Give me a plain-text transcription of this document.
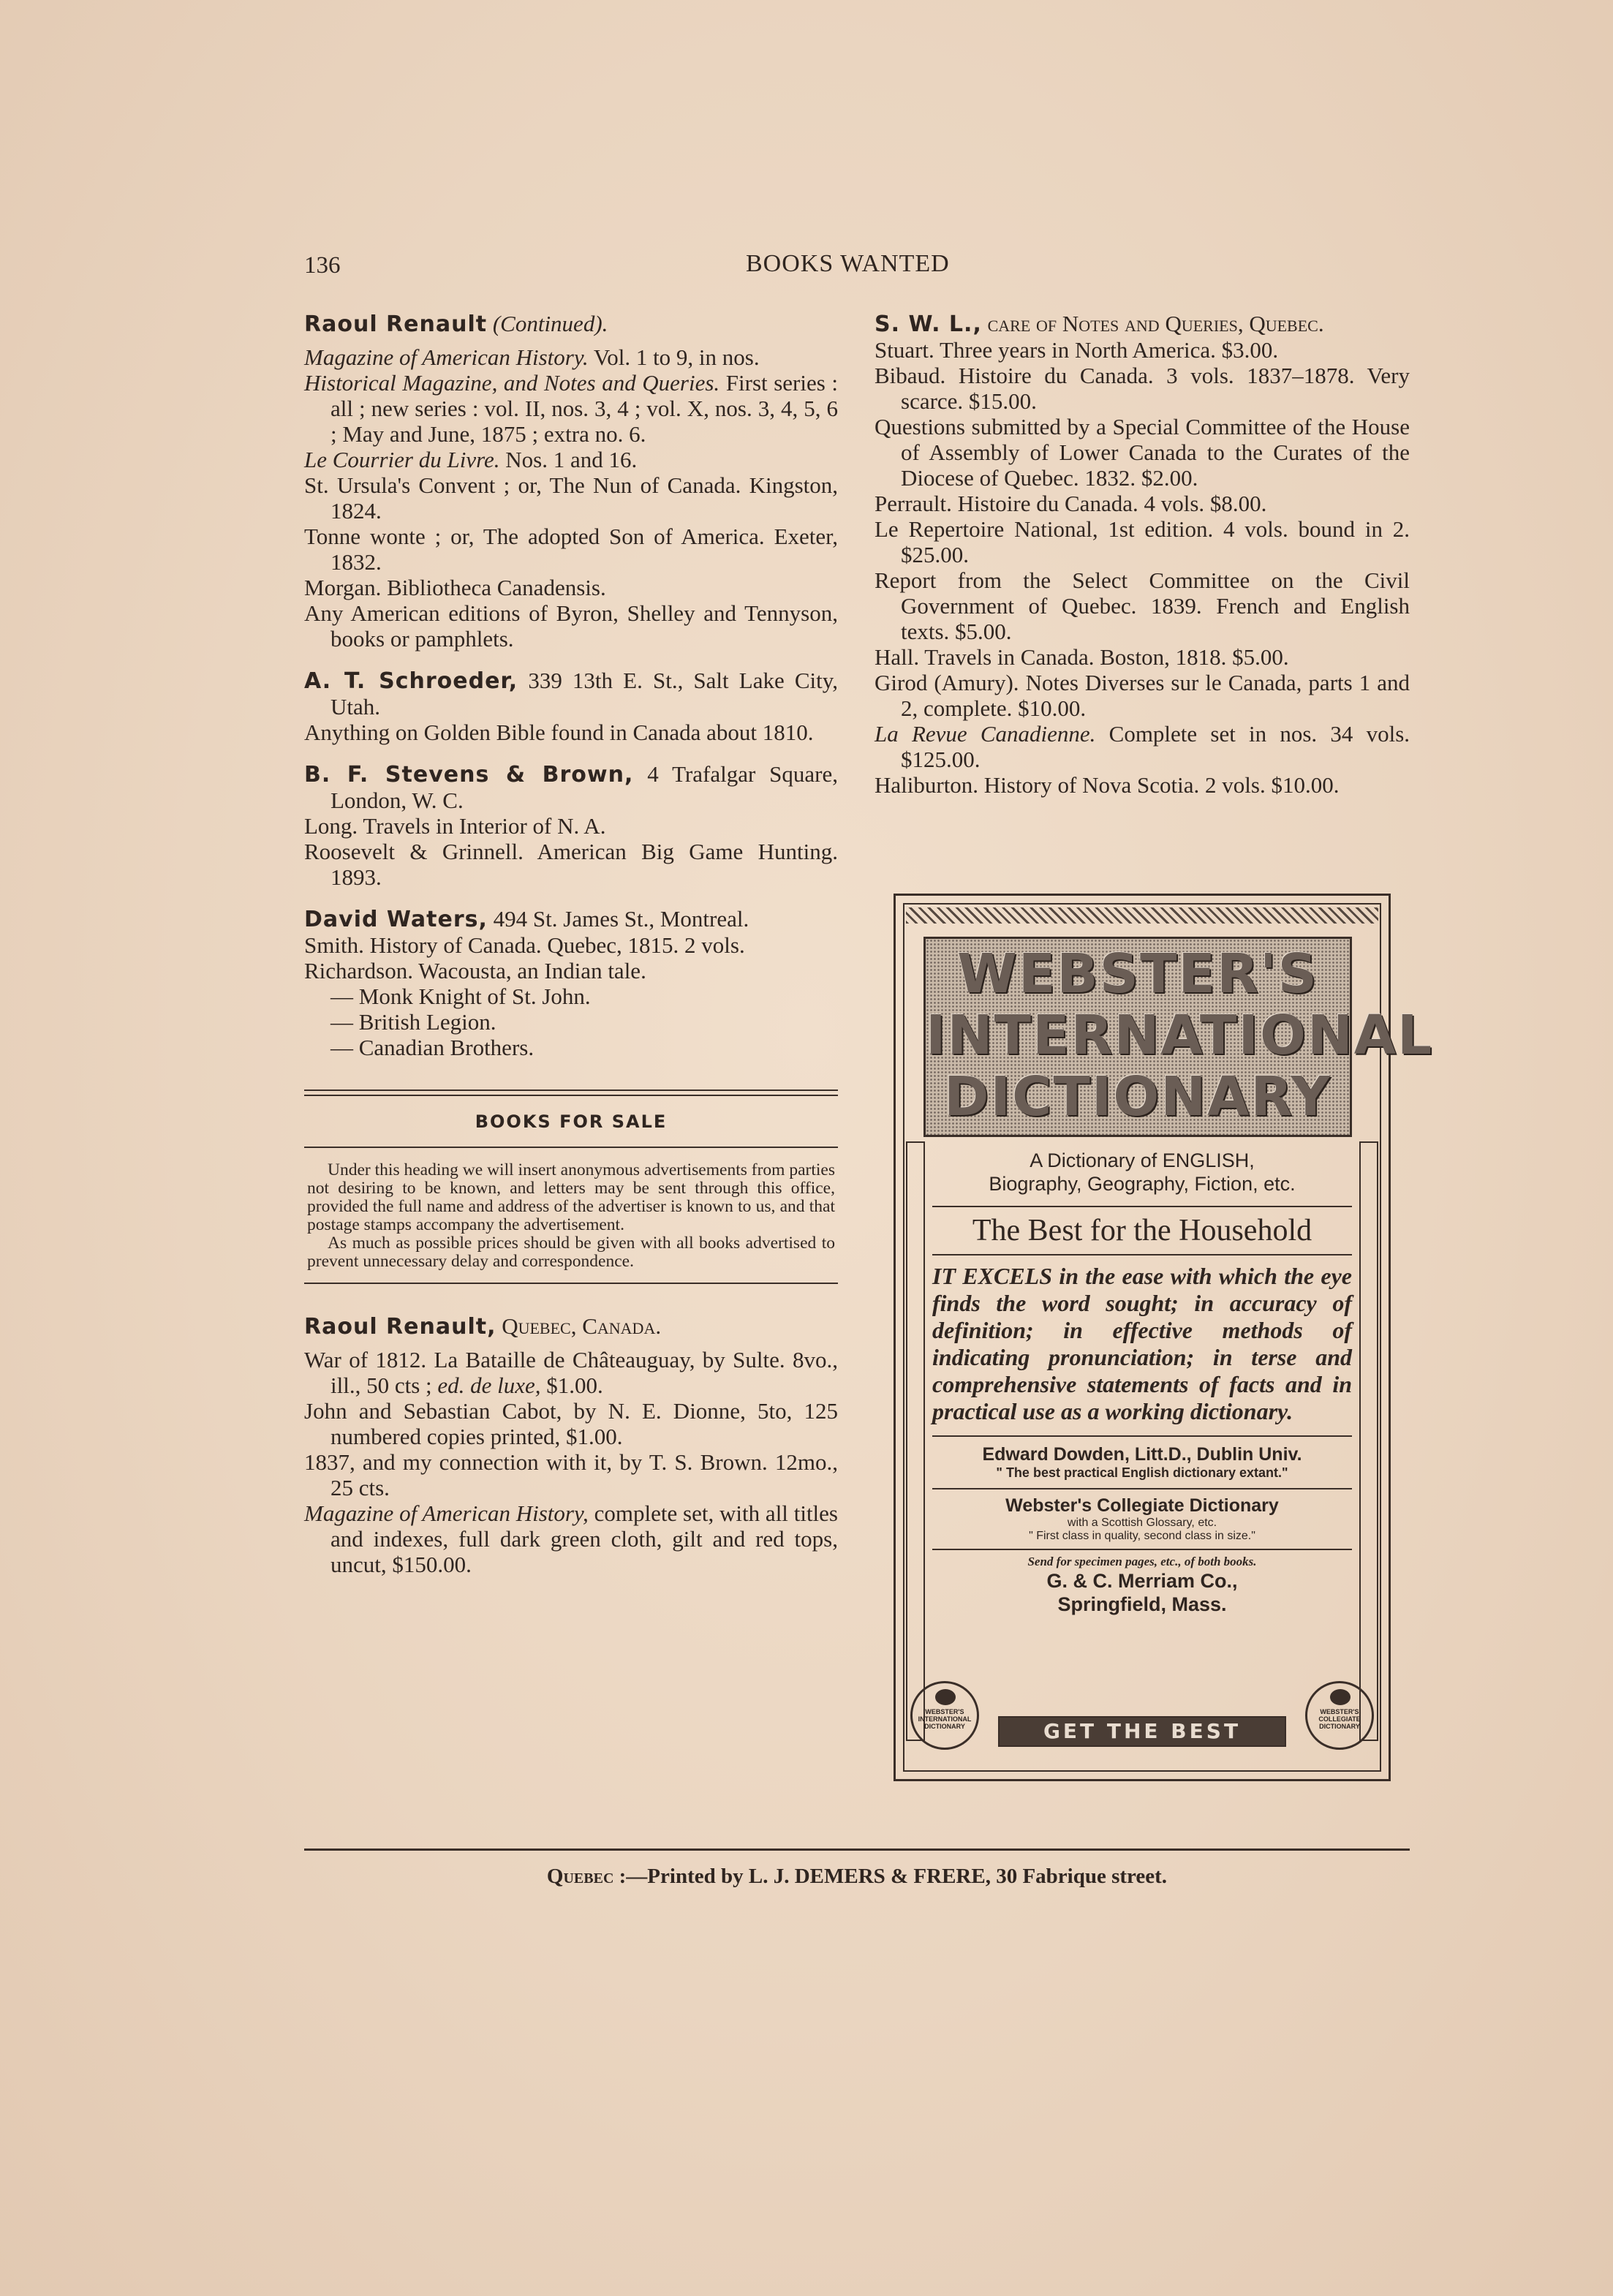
136	BOOKS WANTED

Raoul Renault (Continued).

Magazine of American History. Vol. 1 to 9, in nos.

Historical Magazine, and Notes and Queries. First series : all ; new series : vol. II, nos. 3, 4 ; vol. X, nos. 3, 4, 5, 6 ; May and June, 1875 ; extra no. 6.

Le Courrier du Livre. Nos. 1 and 16.

St. Ursula's Convent ; or, The Nun of Canada. Kingston, 1824.

Tonne wonte ; or, The adopted Son of America. Exeter, 1832.

Morgan. Bibliotheca Canadensis.

Any American editions of Byron, Shelley and Tennyson, books or pamphlets.

A. T. Schroeder, 339 13th E. St., Salt Lake City, Utah.

Anything on Golden Bible found in Canada about 1810.

B. F. Stevens & Brown, 4 Trafalgar Square, London, W. C.

Long. Travels in Interior of N. A.

Roosevelt & Grinnell. American Big Game Hunting. 1893.

David Waters, 494 St. James St., Montreal.

Smith. History of Canada. Quebec, 1815. 2 vols.

Richardson. Wacousta, an Indian tale.

— Monk Knight of St. John.

— British Legion.

— Canadian Brothers.

BOOKS FOR SALE

Under this heading we will insert anonymous advertisements from parties not desiring to be known, and letters may be sent through this office, provided the full name and address of the advertiser is known to us, and that postage stamps accompany the advertisement.

As much as possible prices should be given with all books advertised to prevent unnecessary delay and correspondence.

Raoul Renault, Quebec, Canada.

War of 1812. La Bataille de Châteauguay, by Sulte. 8vo., ill., 50 cts ; ed. de luxe, $1.00.

John and Sebastian Cabot, by N. E. Dionne, 5to, 125 numbered copies printed, $1.00.

1837, and my connection with it, by T. S. Brown. 12mo., 25 cts.

Magazine of American History, complete set, with all titles and indexes, full dark green cloth, gilt and red tops, uncut, $150.00.

S. W. L., care of Notes and Queries, Quebec.

Stuart. Three years in North America. $3.00.

Bibaud. Histoire du Canada. 3 vols. 1837–1878. Very scarce. $15.00.

Questions submitted by a Special Committee of the House of Assembly of Lower Canada to the Curates of the Diocese of Quebec. 1832. $2.00.

Perrault. Histoire du Canada. 4 vols. $8.00.

Le Repertoire National, 1st edition. 4 vols. bound in 2. $25.00.

Report from the Select Committee on the Civil Government of Quebec. 1839. French and English texts. $5.00.

Hall. Travels in Canada. Boston, 1818. $5.00.

Girod (Amury). Notes Diverses sur le Canada, parts 1 and 2, complete. $10.00.

La Revue Canadienne. Complete set in nos. 34 vols. $125.00.

Haliburton. History of Nova Scotia. 2 vols. $10.00.

WEBSTER'S
INTERNATIONAL
DICTIONARY
A Dictionary of ENGLISH,
Biography, Geography, Fiction, etc.
The Best for the Household
IT EXCELS in the ease with which the eye finds the word sought; in accuracy of definition; in effective methods of indicating pronunciation; in terse and comprehensive statements of facts and in practical use as a working dictionary.
Edward Dowden, Litt.D., Dublin Univ.
" The best practical English dictionary extant."
Webster's Collegiate Dictionary
with a Scottish Glossary, etc.
" First class in quality, second class in size."
Send for specimen pages, etc., of both books.
G. & C. Merriam Co.,
Springfield, Mass.
WEBSTER'S INTERNATIONAL DICTIONARY
WEBSTER'S COLLEGIATE DICTIONARY
GET THE BEST
Quebec :—Printed by L. J. DEMERS & FRERE, 30 Fabrique street.
